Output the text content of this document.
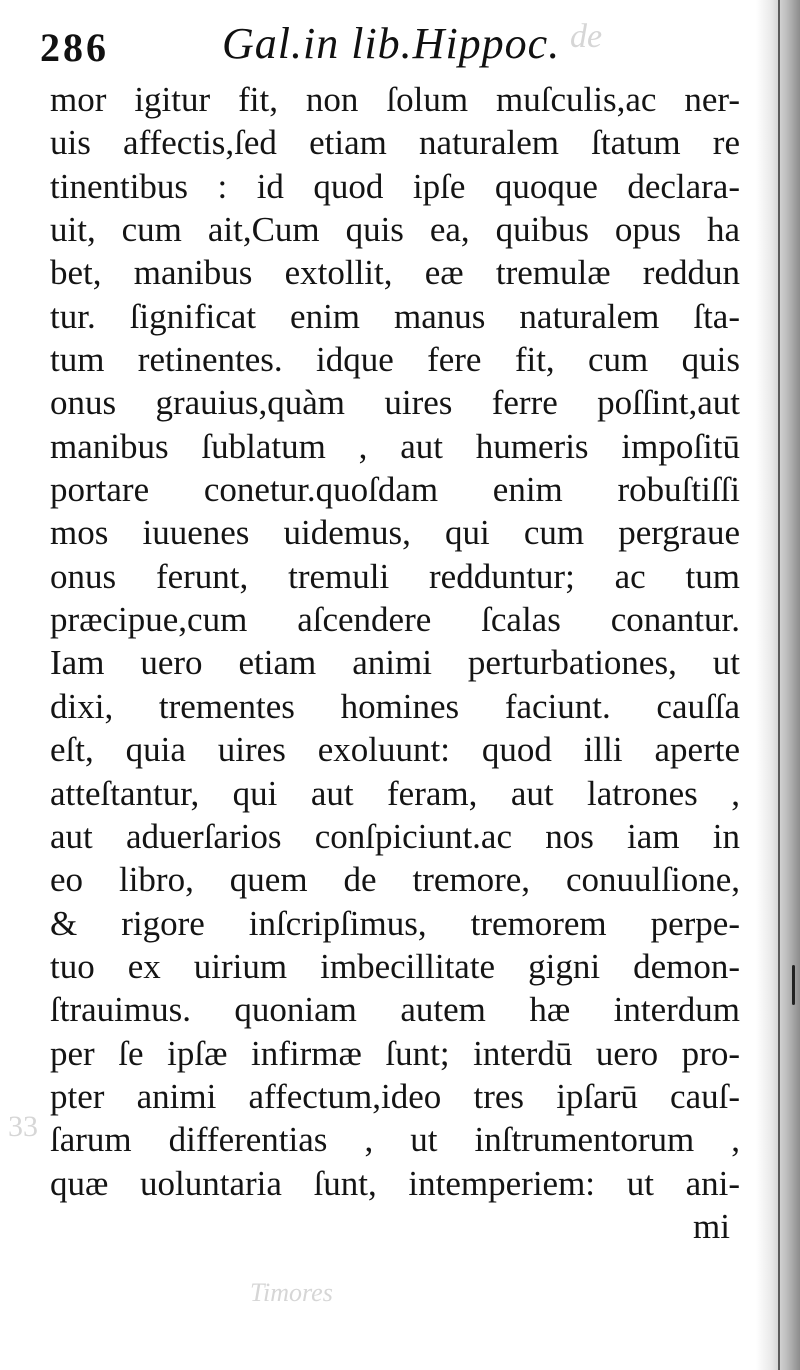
de
33
Timores
286	Gal.in lib.Hippoc.
mor igitur fit, non ſolum muſculis,ac ner-
uis affectis,ſed etiam naturalem ſtatum re
tinentibus : id quod ipſe quoque declara-
uit, cum ait,Cum quis ea, quibus opus ha
bet, manibus extollit, eæ tremulæ reddun
tur. ſignificat enim manus naturalem ſta-
tum retinentes. idque fere fit, cum quis
onus grauius,quàm uires ferre poſſint,aut
manibus ſublatum , aut humeris impoſitū
portare conetur.quoſdam enim robuſtiſſi
mos iuuenes uidemus, qui cum pergraue
onus ferunt, tremuli redduntur; ac tum
præcipue,cum aſcendere ſcalas conantur.
Iam uero etiam animi perturbationes, ut
dixi, trementes homines faciunt. cauſſa
eſt, quia uires exoluunt: quod illi aperte
atteſtantur, qui aut feram, aut latrones ,
aut aduerſarios conſpiciunt.ac nos iam in
eo libro, quem de tremore, conuulſione,
& rigore inſcripſimus, tremorem perpe-
tuo ex uirium imbecillitate gigni demon-
ſtrauimus. quoniam autem hæ interdum
per ſe ipſæ infirmæ ſunt; interdū uero pro-
pter animi affectum,ideo tres ipſarū cauſ-
ſarum differentias , ut inſtrumentorum ,
quæ uoluntaria ſunt, intemperiem: ut ani-
mi
